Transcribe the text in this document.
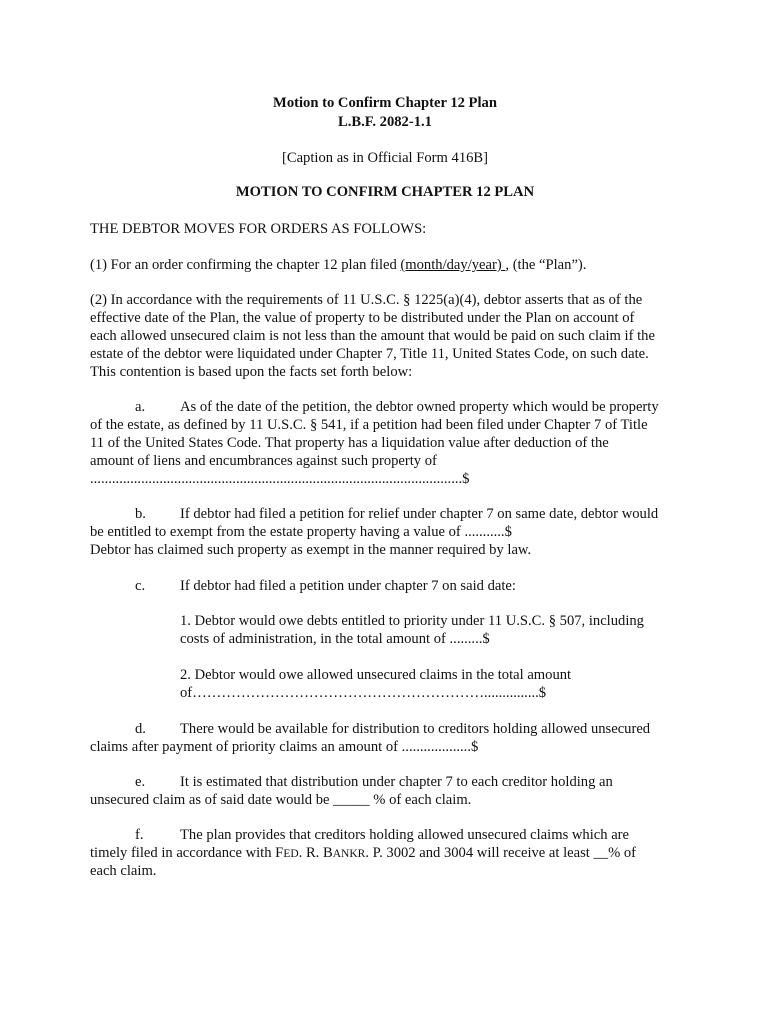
Motion to Confirm Chapter 12 Plan
L.B.F. 2082-1.1
[Caption as in Official Form 416B]
MOTION TO CONFIRM CHAPTER 12 PLAN
THE DEBTOR MOVES FOR ORDERS AS FOLLOWS:
(1) For an order confirming the chapter 12 plan filed (month/day/year) , (the “Plan”).
(2) In accordance with the requirements of 11 U.S.C. § 1225(a)(4), debtor asserts that as of the
effective date of the Plan, the value of property to be distributed under the Plan on account of
each allowed unsecured claim is not less than the amount that would be paid on such claim if the
estate of the debtor were liquidated under Chapter 7, Title 11, United States Code, on such date.
This contention is based upon the facts set forth below:
a. As of the date of the petition, the debtor owned property which would be property
of the estate, as defined by 11 U.S.C. § 541, if a petition had been filed under Chapter 7 of Title
11 of the United States Code. That property has a liquidation value after deduction of the
amount of liens and encumbrances against such property of
......................................................................................................$
b. If debtor had filed a petition for relief under chapter 7 on same date, debtor would
be entitled to exempt from the estate property having a value of ...........$
Debtor has claimed such property as exempt in the manner required by law.
c. If debtor had filed a petition under chapter 7 on said date:
1. Debtor would owe debts entitled to priority under 11 U.S.C. § 507, including
costs of administration, in the total amount of .........$
2. Debtor would owe allowed unsecured claims in the total amount
of……………………………………………………...............$
d. There would be available for distribution to creditors holding allowed unsecured
claims after payment of priority claims an amount of ...................$
e. It is estimated that distribution under chapter 7 to each creditor holding an
unsecured claim as of said date would be _____ % of each claim.
f. The plan provides that creditors holding allowed unsecured claims which are
timely filed in accordance with FED. R. BANKR. P. 3002 and 3004 will receive at least __% of
each claim.
